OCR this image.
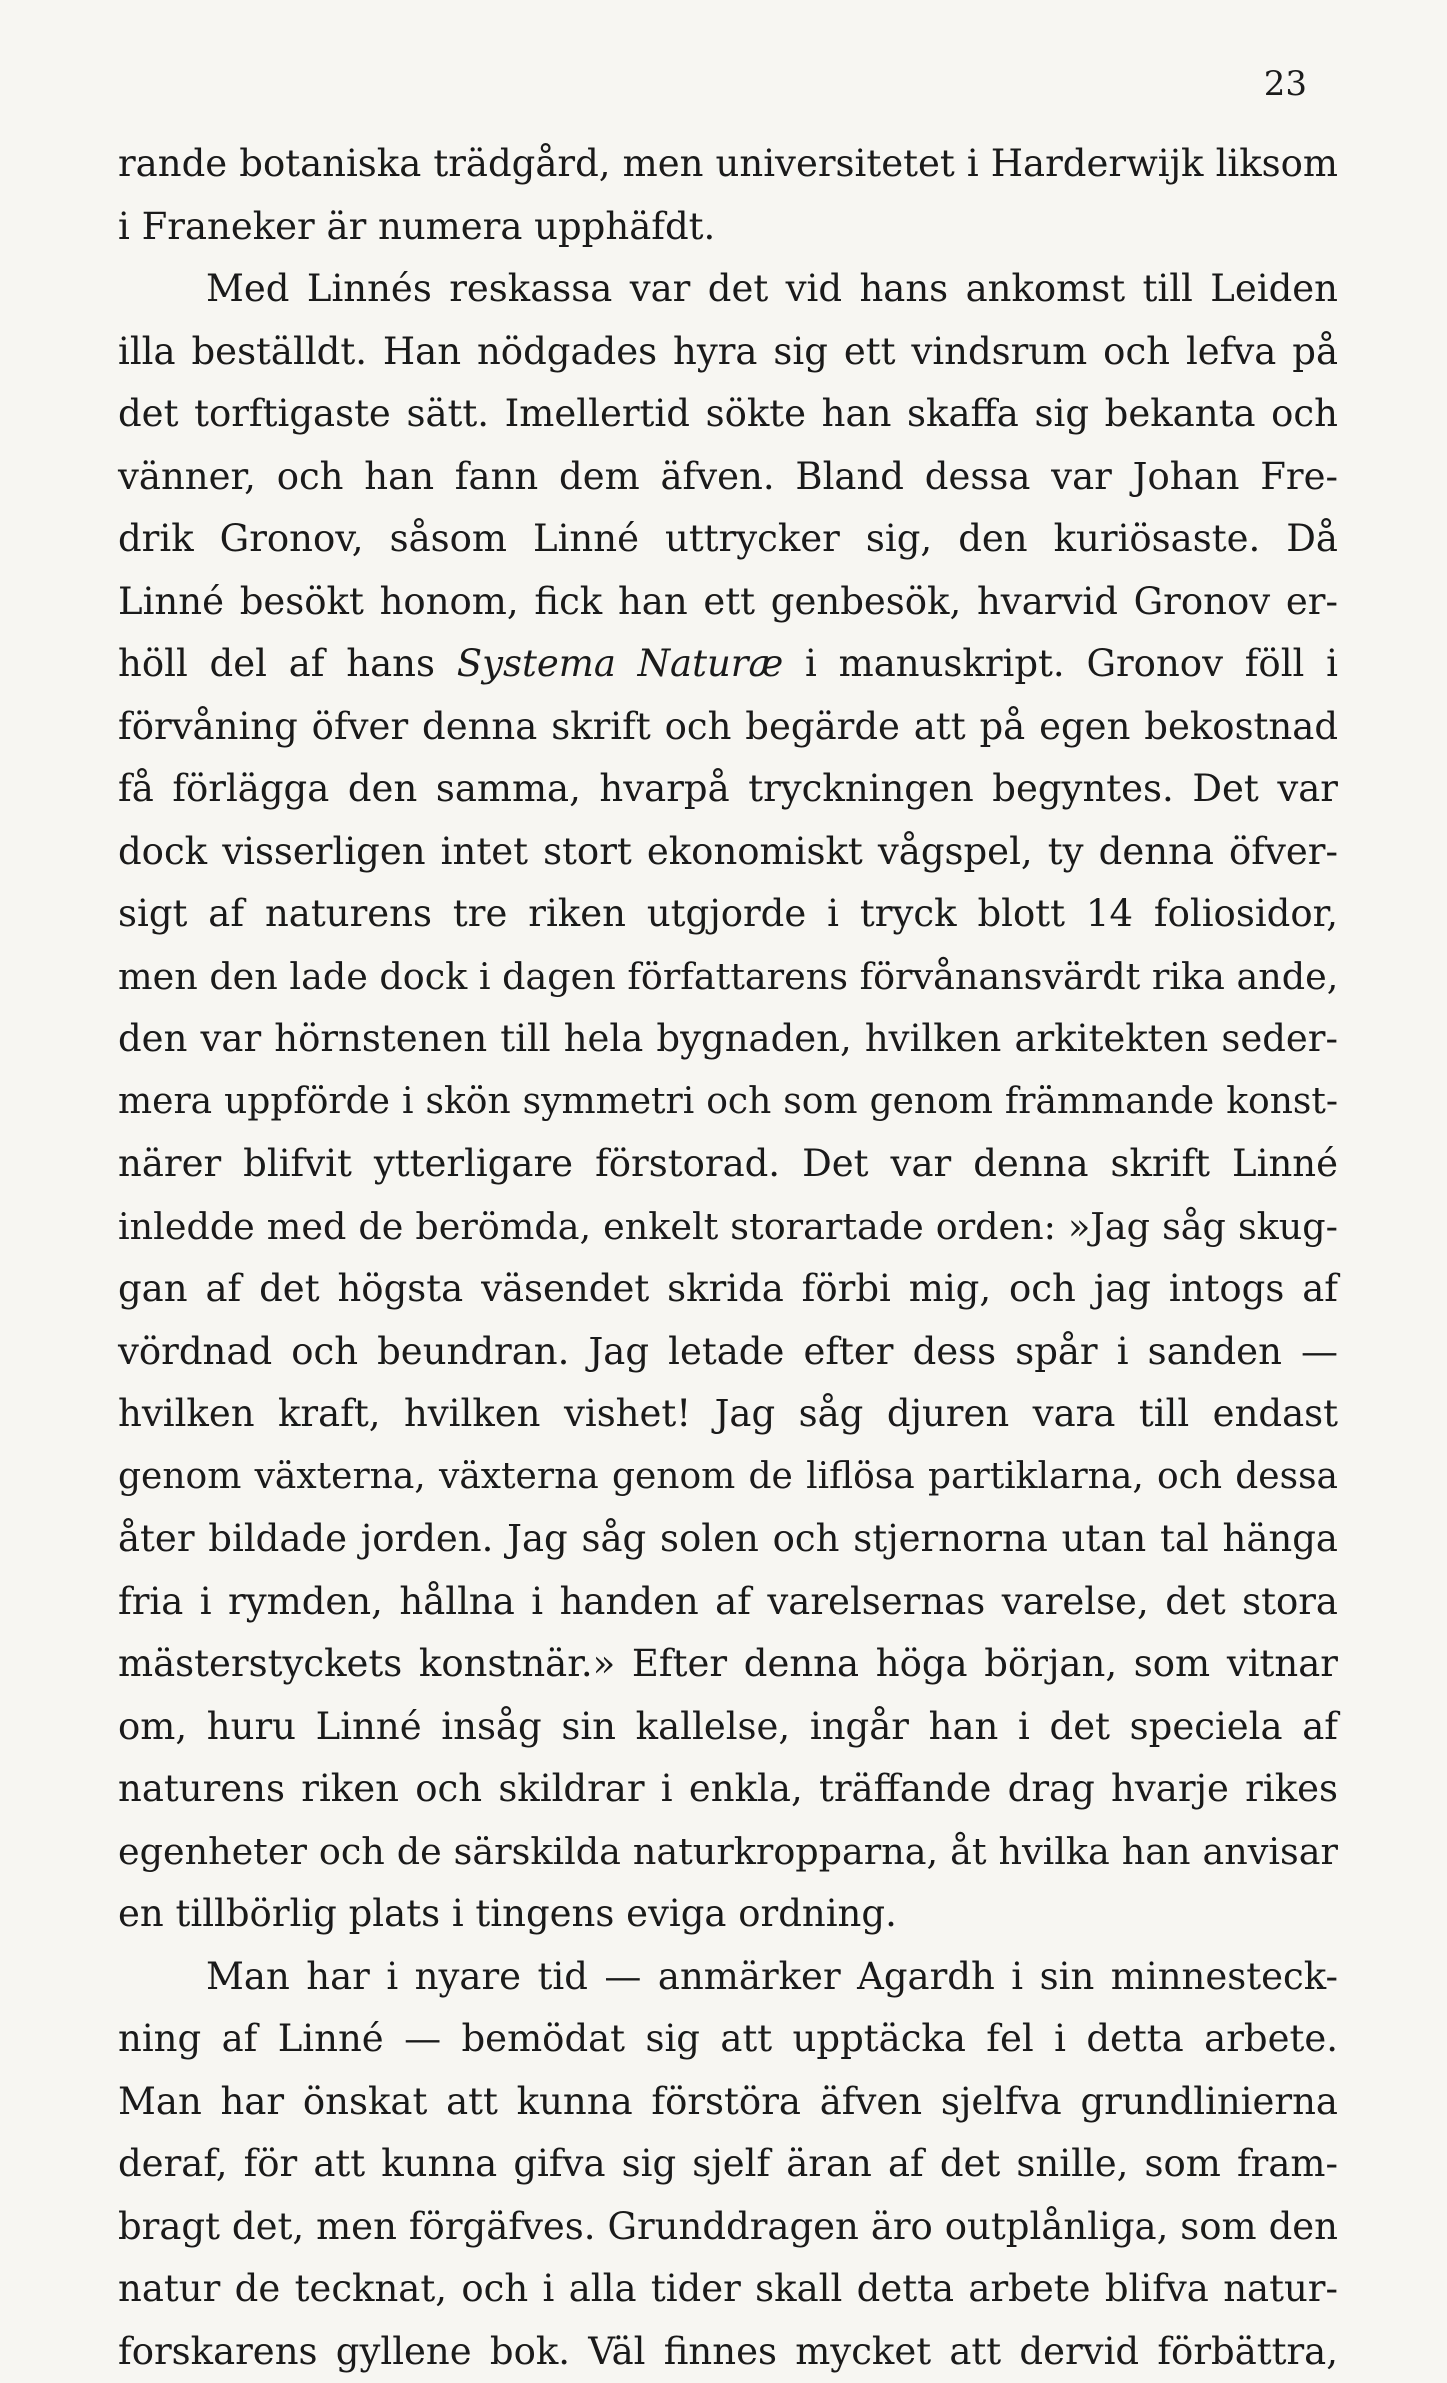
23

rande botaniska trädgård, men universitetet i Harderwijk liksom
i Franeker är numera upphäfdt.
Med Linnés reskassa var det vid hans ankomst till Leiden
illa beställdt. Han nödgades hyra sig ett vindsrum och lefva på
det torftigaste sätt. Imellertid sökte han skaffa sig bekanta och
vänner, och han fann dem äfven. Bland dessa var Johan Fre-
drik Gronov, såsom Linné uttrycker sig, den kuriösaste. Då
Linné besökt honom, fick han ett genbesök, hvarvid Gronov er-
höll del af hans Systema Naturæ i manuskript. Gronov föll i
förvåning öfver denna skrift och begärde att på egen bekostnad
få förlägga den samma, hvarpå tryckningen begyntes. Det var
dock visserligen intet stort ekonomiskt vågspel, ty denna öfver-
sigt af naturens tre riken utgjorde i tryck blott 14 foliosidor,
men den lade dock i dagen författarens förvånansvärdt rika ande,
den var hörnstenen till hela bygnaden, hvilken arkitekten seder-
mera uppförde i skön symmetri och som genom främmande konst-
närer blifvit ytterligare förstorad. Det var denna skrift Linné
inledde med de berömda, enkelt storartade orden: »Jag såg skug-
gan af det högsta väsendet skrida förbi mig, och jag intogs af
vördnad och beundran. Jag letade efter dess spår i sanden —
hvilken kraft, hvilken vishet! Jag såg djuren vara till endast
genom växterna, växterna genom de liflösa partiklarna, och dessa
åter bildade jorden. Jag såg solen och stjernorna utan tal hänga
fria i rymden, hållna i handen af varelsernas varelse, det stora
mästerstyckets konstnär.» Efter denna höga början, som vitnar
om, huru Linné insåg sin kallelse, ingår han i det speciela af
naturens riken och skildrar i enkla, träffande drag hvarje rikes
egenheter och de särskilda naturkropparna, åt hvilka han anvisar
en tillbörlig plats i tingens eviga ordning.
Man har i nyare tid — anmärker Agardh i sin minnesteck-
ning af Linné — bemödat sig att upptäcka fel i detta arbete.
Man har önskat att kunna förstöra äfven sjelfva grundlinierna
deraf, för att kunna gifva sig sjelf äran af det snille, som fram-
bragt det, men förgäfves. Grunddragen äro outplånliga, som den
natur de tecknat, och i alla tider skall detta arbete blifva natur-
forskarens gyllene bok. Väl finnes mycket att dervid förbättra,
